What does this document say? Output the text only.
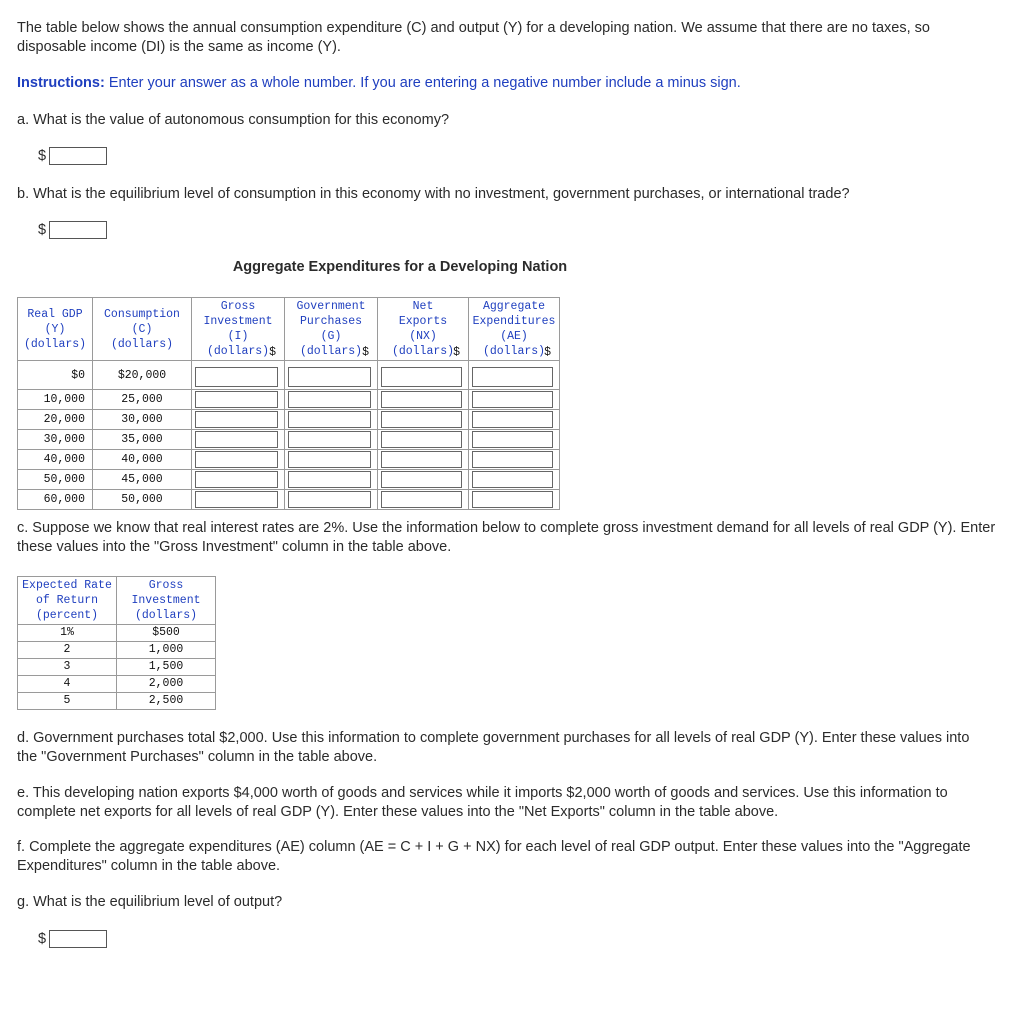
The table below shows the annual consumption expenditure (C) and output (Y) for a developing nation. We assume that there are no taxes, so disposable income (DI) is the same as income (Y).

Instructions: Enter your answer as a whole number. If you are entering a negative number include a minus sign.

a. What is the value of autonomous consumption for this economy?

$

b. What is the equilibrium level of consumption in this economy with no investment, government purchases, or international trade?

$
Aggregate Expenditures for a Developing Nation
Real GDP
(Y)
(dollars)	Consumption
(C)
(dollars)	Gross
Investment
(I)
(dollars)	Government
Purchases
(G)
(dollars)	Net
Exports
(NX)
(dollars)	Aggregate
Expenditures
(AE)
(dollars)
$0	$20,000	$	$	$	$

10,000	25,000	

20,000	30,000	

30,000	35,000	

40,000	40,000	

50,000	45,000	

60,000	50,000	

c. Suppose we know that real interest rates are 2%. Use the information below to complete gross investment demand for all levels of real GDP (Y). Enter these values into the "Gross Investment" column in the table above.

Expected Rate
of Return
(percent)	Gross
Investment
(dollars)
1%	$500
2	1,000
3	1,500
4	2,000
5	2,500

d. Government purchases total $2,000. Use this information to complete government purchases for all levels of real GDP (Y). Enter these values into the "Government Purchases" column in the table above.

e. This developing nation exports $4,000 worth of goods and services while it imports $2,000 worth of goods and services. Use this information to complete net exports for all levels of real GDP (Y). Enter these values into the "Net Exports" column in the table above.

f. Complete the aggregate expenditures (AE) column (AE = C + I + G + NX) for each level of real GDP output. Enter these values into the "Aggregate Expenditures" column in the table above.

g. What is the equilibrium level of output?

$
